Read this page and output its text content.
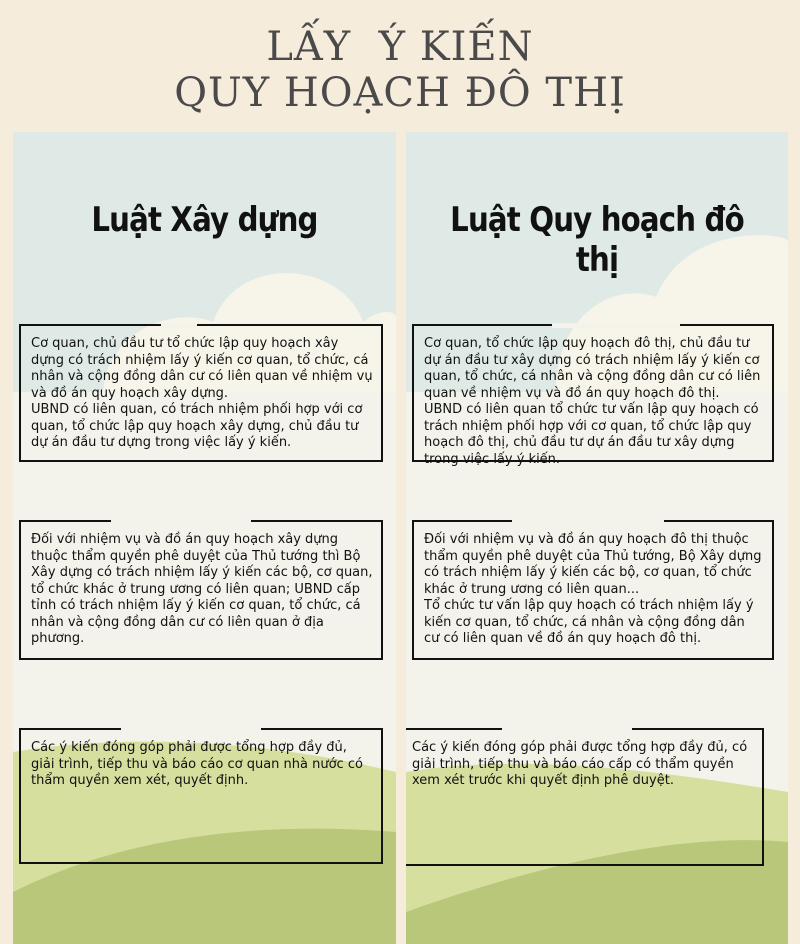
LẤY  Ý KIẾN
QUY HOẠCH ĐÔ THỊ
Luật Xây dựng

Cơ quan, chủ đầu tư tổ chức lập quy hoạch xây dựng có trách nhiệm lấy ý kiến cơ quan, tổ chức, cá nhân và cộng đồng dân cư có liên quan về nhiệm vụ và đồ án quy hoạch xây dựng.

UBND có liên quan, có trách nhiệm phối hợp với cơ quan, tổ chức lập quy hoạch xây dựng, chủ đầu tư dự án đầu tư dựng trong việc lấy ý kiến.

Đối với nhiệm vụ và đồ án quy hoạch xây dựng thuộc thẩm quyền phê duyệt của Thủ tướng thì Bộ Xây dựng có trách nhiệm lấy ý kiến các bộ, cơ quan, tổ chức khác ở trung ương có liên quan; UBND cấp tỉnh có trách nhiệm lấy ý kiến cơ quan, tổ chức, cá nhân và cộng đồng dân cư có liên quan ở địa phương.

Các ý kiến đóng góp phải được tổng hợp đầy đủ, giải trình, tiếp thu và báo cáo cơ quan nhà nước có thẩm quyền xem xét, quyết định.

Luật Quy hoạch đô thị

Cơ quan, tổ chức lập quy hoạch đô thị, chủ đầu tư dự án đầu tư xây dựng có trách nhiệm lấy ý kiến cơ quan, tổ chức, cá nhân và cộng đồng dân cư có liên quan về nhiệm vụ và đồ án quy hoạch đô thị.

UBND có liên quan tổ chức tư vấn lập quy hoạch có trách nhiệm phối hợp với cơ quan, tổ chức lập quy hoạch đô thị, chủ đầu tư dự án đầu tư xây dựng trong việc lấy ý kiến.

Đối với nhiệm vụ và đồ án quy hoạch đô thị thuộc thẩm quyền phê duyệt của Thủ tướng, Bộ Xây dựng có trách nhiệm lấy ý kiến các bộ, cơ quan, tổ chức khác ở trung ương có liên quan...

Tổ chức tư vấn lập quy hoạch có trách nhiệm lấy ý kiến cơ quan, tổ chức, cá nhân và cộng đồng dân cư có liên quan về đồ án quy hoạch đô thị.

Các ý kiến đóng góp phải được tổng hợp đầy đủ, có giải trình, tiếp thu và báo cáo cấp có thẩm quyền xem xét trước khi quyết định phê duyệt.
